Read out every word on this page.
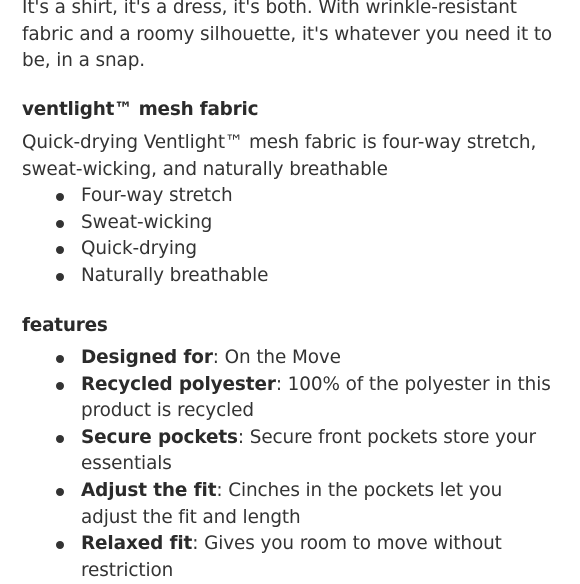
It's a shirt, it's a dress, it's both. With wrinkle-resistant fabric and a roomy silhouette, it's whatever you need it to be, in a snap.

ventlight™ mesh fabric

Quick-drying Ventlight™ mesh fabric is four-way stretch, sweat-wicking, and naturally breathable

Four-way stretch
Sweat-wicking
Quick-drying
Naturally breathable
features
Designed for: On the Move
Recycled polyester: 100% of the polyester in this product is recycled
Secure pockets: Secure front pockets store your essentials
Adjust the fit: Cinches in the pockets let you adjust the fit and length
Relaxed fit: Gives you room to move without restriction
